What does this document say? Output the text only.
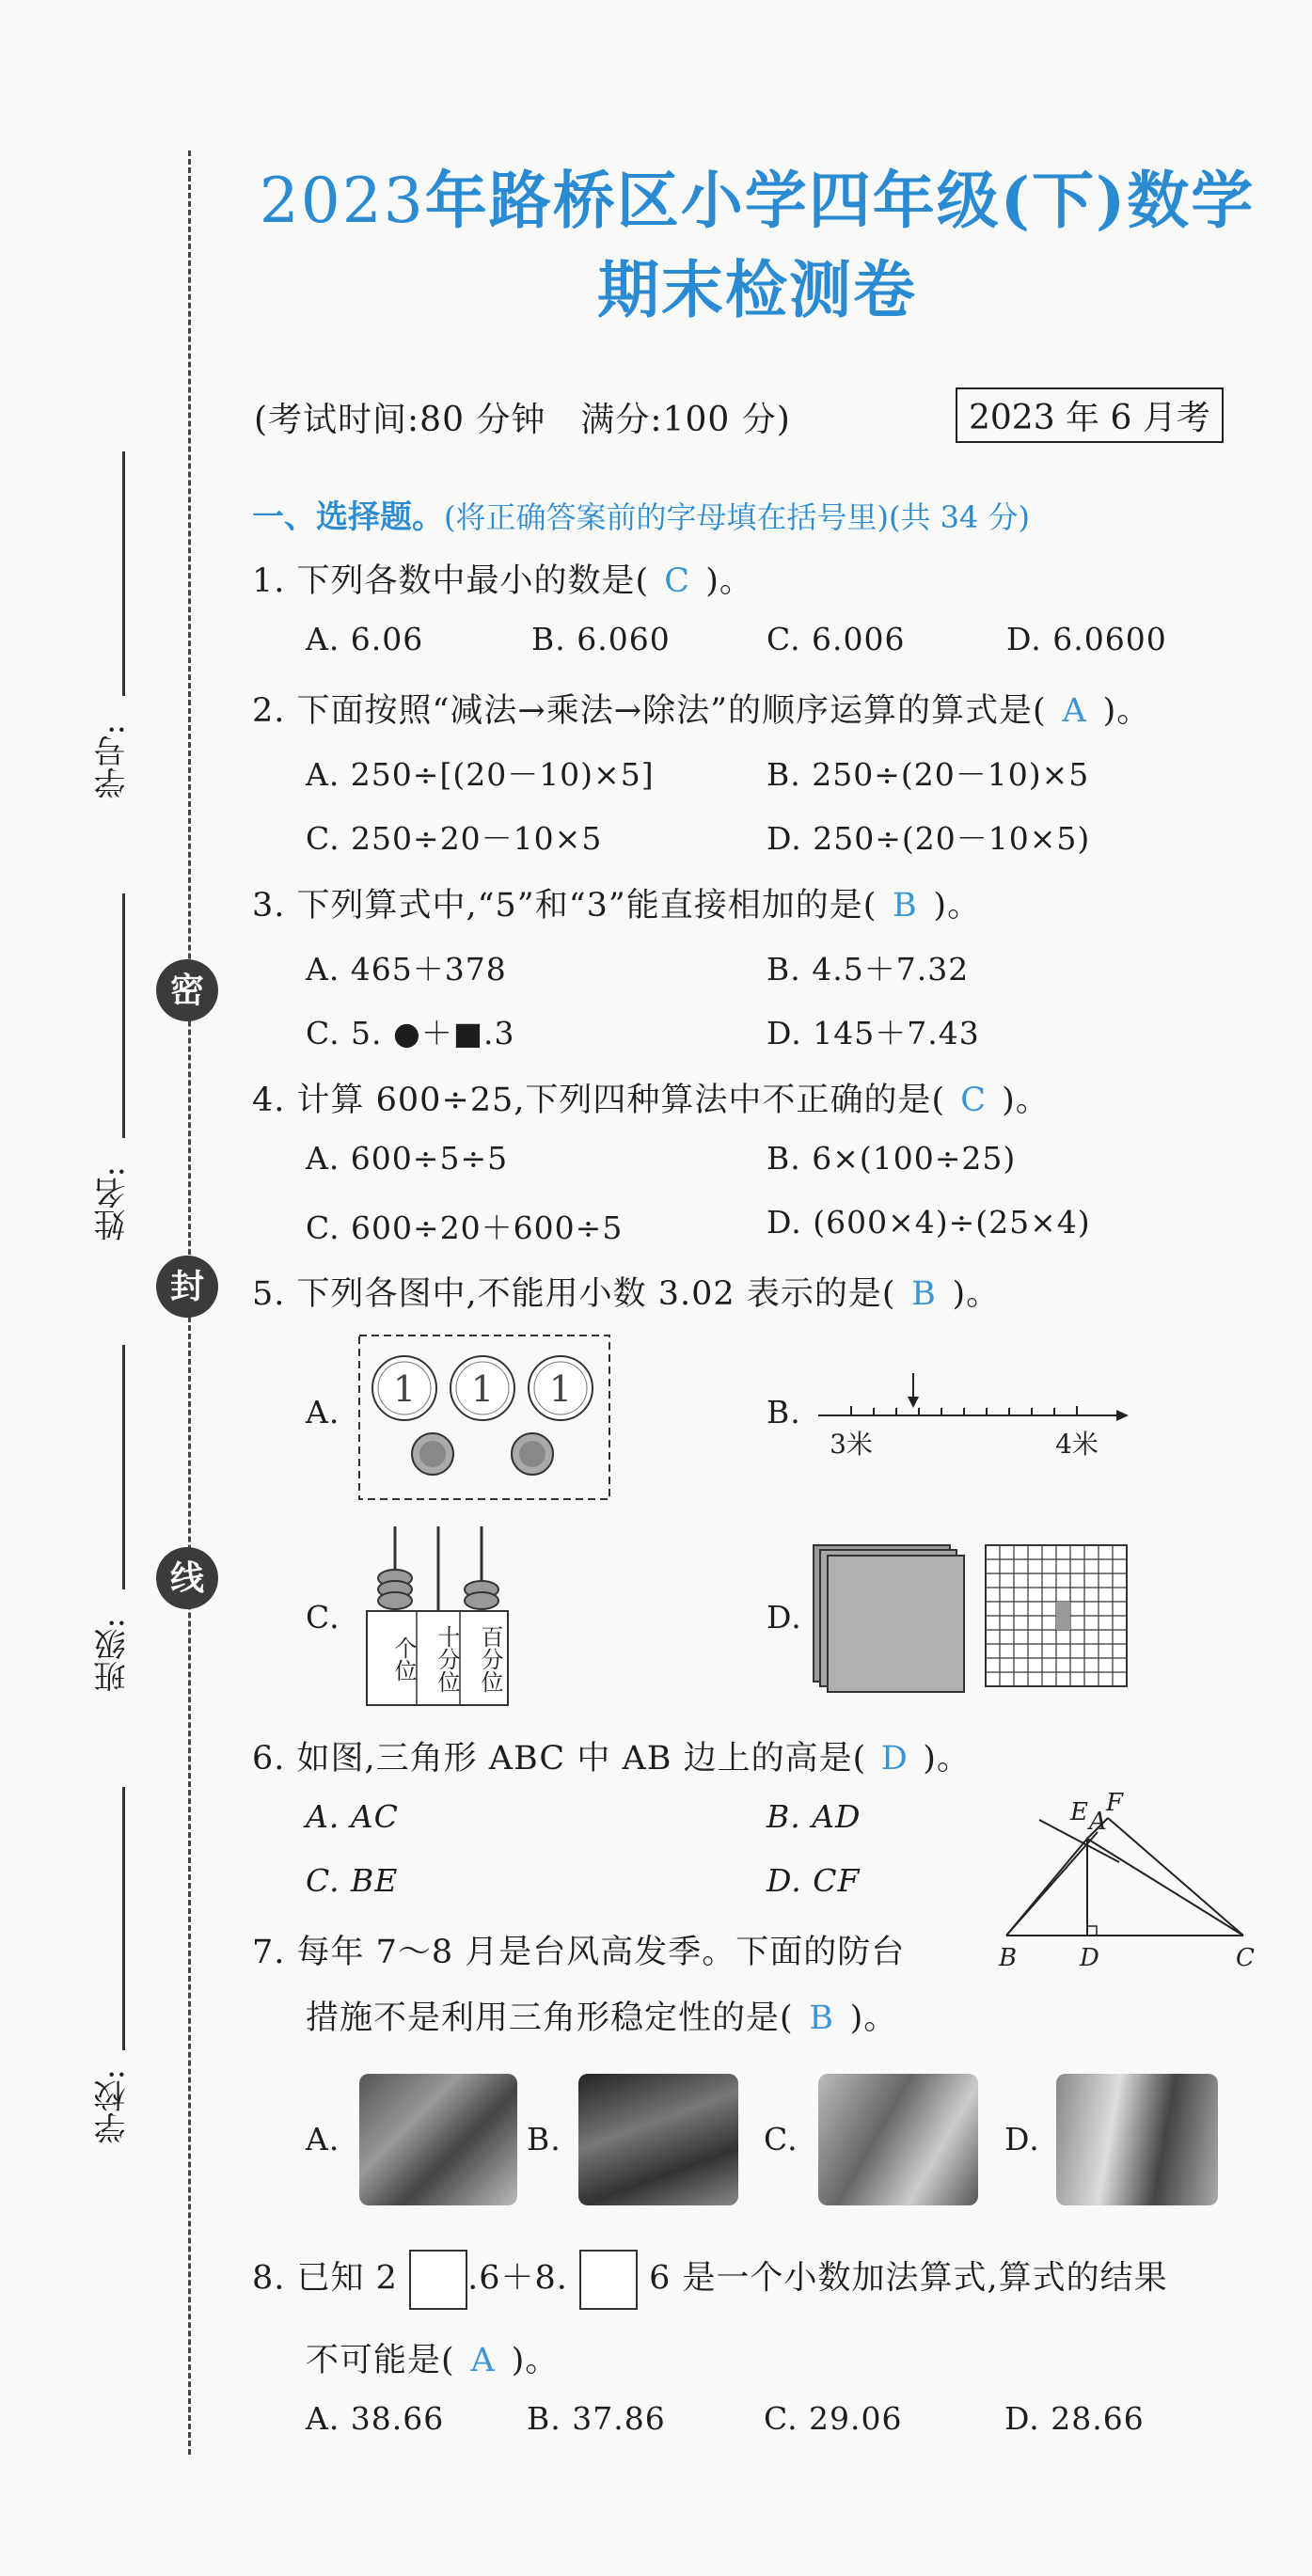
学号:
姓名:
班级:
学校:
密
封
线
2023年路桥区小学四年级(下)数学
期末检测卷
(考试时间:80 分钟　满分:100 分)	2023 年 6 月考
一、选择题。(将正确答案前的字母填在括号里)(共 34 分)
1. 下列各数中最小的数是( C )。
A. 6.06	B. 6.060	C. 6.006	D. 6.0600
2. 下面按照“减法→乘法→除法”的顺序运算的算式是( A )。
A. 250÷[(20－10)×5]	B. 250÷(20－10)×5
C. 250÷20－10×5	D. 250÷(20－10×5)
3. 下列算式中,“5”和“3”能直接相加的是( B )。
A. 465＋378	B. 4.5＋7.32
C. 5. ●＋■.3	D. 145＋7.43
4. 计算 600÷25,下列四种算法中不正确的是( C )。
A. 600÷5÷5	B. 6×(100÷25)
C. 600÷20＋600÷5	D. (600×4)÷(25×4)
5. 下列各图中,不能用小数 3.02 表示的是( B )。
A.
1 1 1
B.
3米	4米
C.
个位 十分位 百分位
D.
6. 如图,三角形 ABC 中 AB 边上的高是( D )。
A. AC	B. AD
C. BE	D. CF
E A
F
B	D	C
7. 每年 7～8 月是台风高发季。下面的防台
措施不是利用三角形稳定性的是( B )。
A.	B.	C.	D.
8. 已知 2 .6＋8. 6 是一个小数加法算式,算式的结果
不可能是( A )。
A. 38.66	B. 37.86	C. 29.06	D. 28.66
